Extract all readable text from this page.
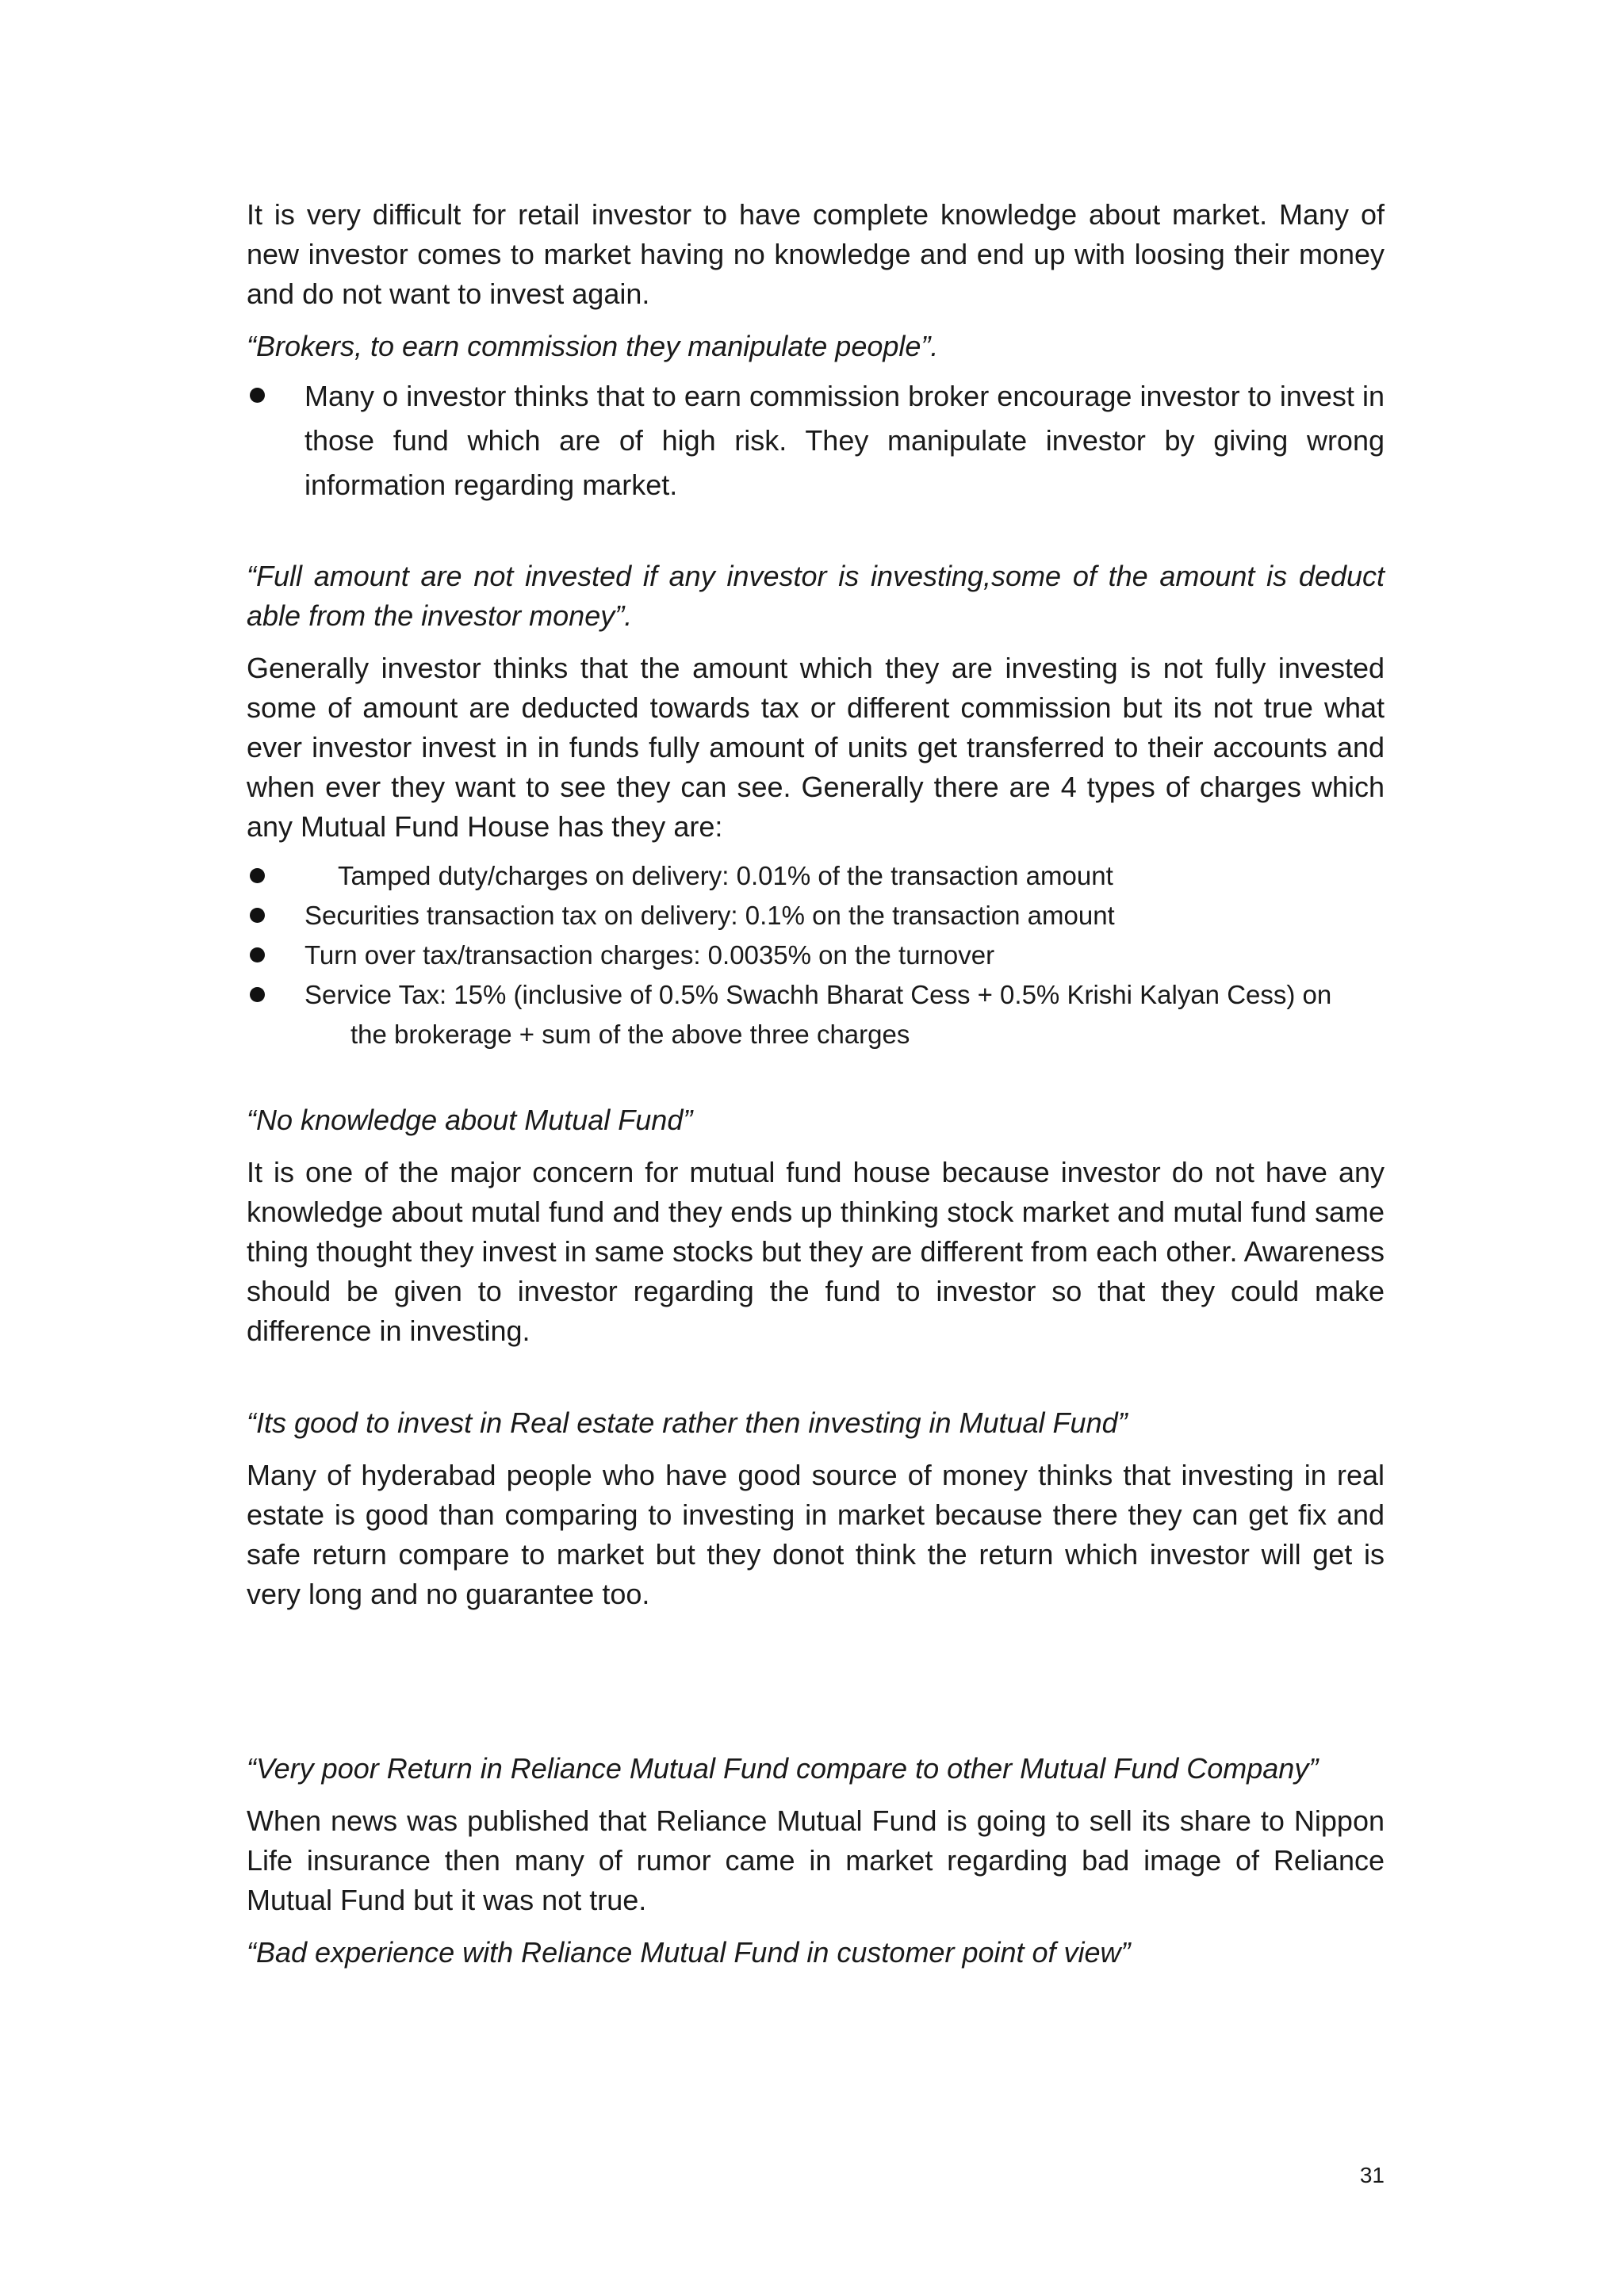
It is very difficult for retail investor to have complete knowledge about market. Many of new investor comes to market having no knowledge and end up with loosing their money and do not want to invest again.

“Brokers, to earn commission they manipulate people”.

Many o investor thinks that to earn commission broker encourage investor to invest in those fund which are of high risk. They manipulate investor by giving wrong information regarding market.

“Full amount are not invested if any investor is investing,some of the amount is deduct able from the investor money”.

Generally investor thinks that the amount which they are investing is not fully invested some of amount are deducted towards tax or different commission but its not true what ever investor invest in in funds fully amount of units get transferred to their accounts and when ever they want to see they can see. Generally there are 4 types of charges which any Mutual Fund House has they are:

Tamped duty/charges on delivery: 0.01% of the transaction amount
Securities transaction tax on delivery: 0.1% on the transaction amount
Turn over tax/transaction charges: 0.0035% on the turnover
Service Tax: 15% (inclusive of 0.5% Swachh Bharat Cess + 0.5% Krishi Kalyan Cess) on
the brokerage + sum of the above three charges

“No knowledge about Mutual Fund”

It is one of the major concern for mutual fund house because investor do not have any knowledge about mutal fund and they ends up thinking stock market and mutal fund same thing thought they invest in same stocks but they are different from each other. Awareness should be given to investor regarding the fund to investor so that they could make difference in investing.

“Its good to invest in Real estate rather then investing in Mutual Fund”

Many of hyderabad people who have good source of money thinks that investing in real estate is good than comparing to investing in market because there they can get fix and safe return compare to market but they donot think the return which investor will get is very long and no guarantee too.

“Very poor Return in Reliance Mutual Fund compare to other Mutual Fund Company”

When news was published that Reliance Mutual Fund is going to sell its share to Nippon Life insurance then many of rumor came in market regarding bad image of Reliance Mutual Fund but it was not true.

“Bad experience with Reliance Mutual Fund in customer point of view”

31
